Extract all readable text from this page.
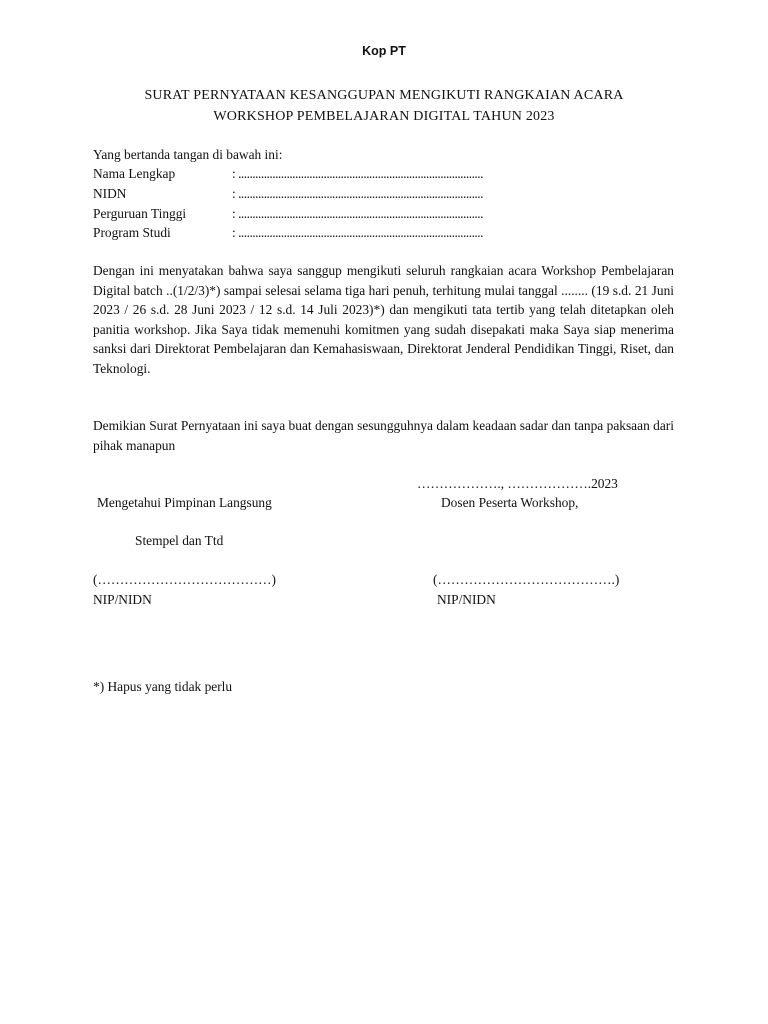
Kop PT
SURAT PERNYATAAN KESANGGUPAN MENGIKUTI RANGKAIAN ACARA
WORKSHOP PEMBELAJARAN DIGITAL TAHUN 2023
Yang bertanda tangan di bawah ini:
Nama Lengkap	: ......................................................................................
NIDN	: ......................................................................................
Perguruan Tinggi	: ......................................................................................
Program Studi	: ......................................................................................
Dengan ini menyatakan bahwa saya sanggup mengikuti seluruh rangkaian acara Workshop Pembelajaran Digital batch ..(1/2/3)*) sampai selesai selama tiga hari penuh, terhitung mulai tanggal ........ (19 s.d. 21 Juni 2023 / 26 s.d. 28 Juni 2023 / 12 s.d. 14 Juli 2023)*) dan mengikuti tata tertib yang telah ditetapkan oleh panitia workshop. Jika Saya tidak memenuhi komitmen yang sudah disepakati maka Saya siap menerima sanksi dari Direktorat Pembelajaran dan Kemahasiswaan, Direktorat Jenderal Pendidikan Tinggi, Riset, dan Teknologi.
Demikian Surat Pernyataan ini saya buat dengan sesungguhnya dalam keadaan sadar dan tanpa paksaan dari pihak manapun
………………., ……………….2023
Mengetahui Pimpinan Langsung	Dosen Peserta Workshop,
Stempel dan Ttd
(…………………………………)	(………………………………….)
NIP/NIDN	NIP/NIDN
*) Hapus yang tidak perlu
